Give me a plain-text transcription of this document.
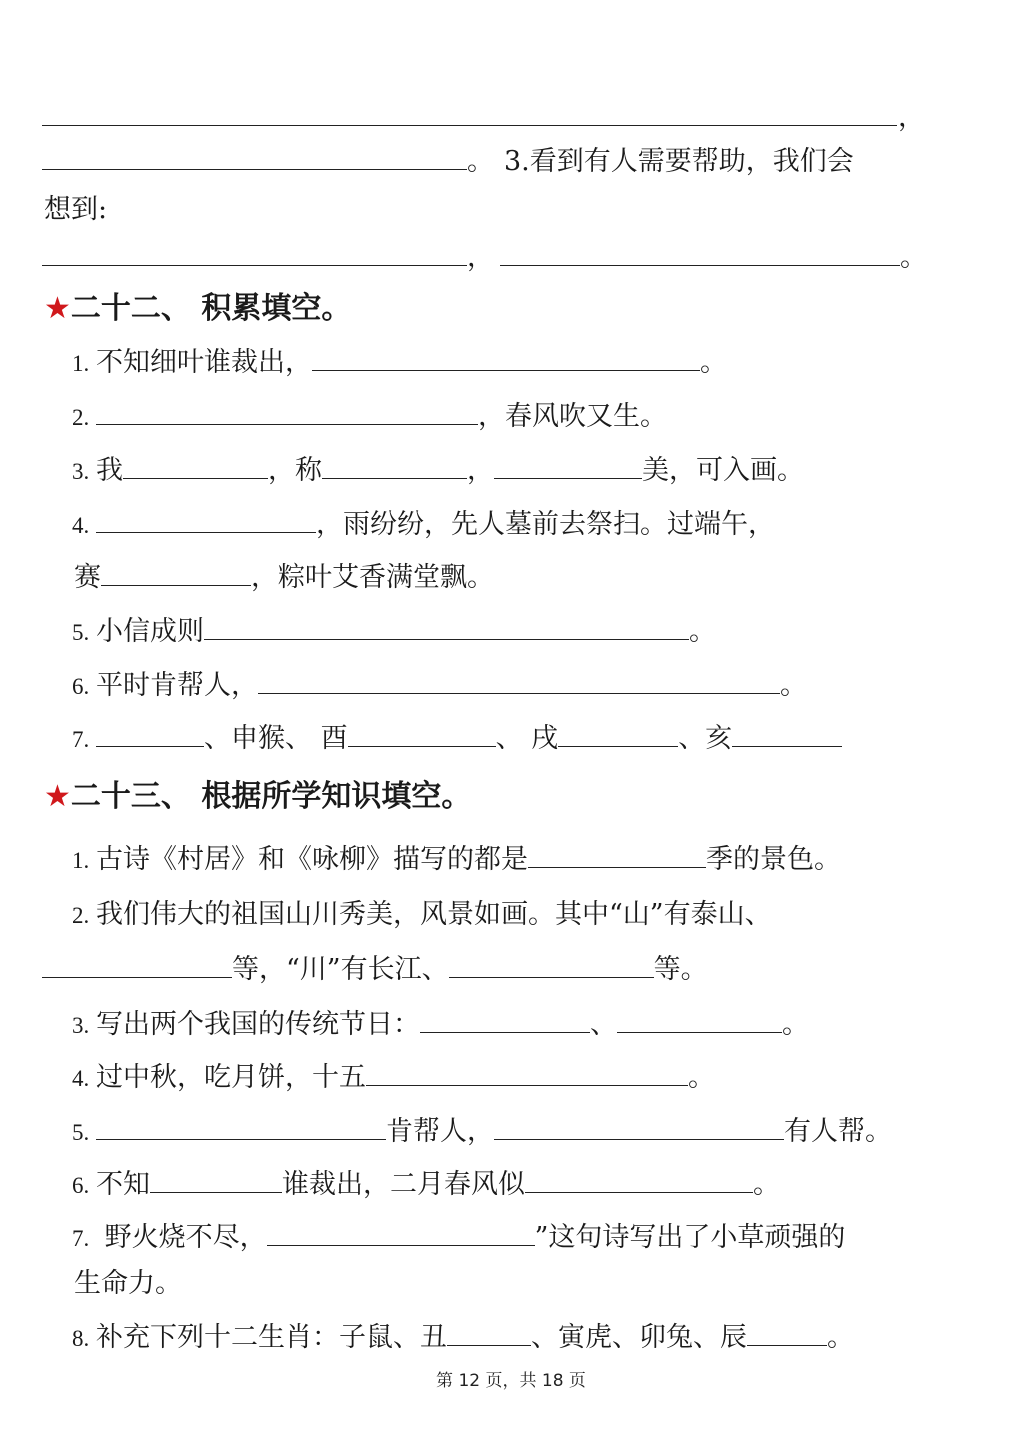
，
。 3.看到有人需要帮助，我们会
想到:
，	。
★二十二、 积累填空。
1. 不知细叶谁裁出，	。
2.	，春风吹又生。
3. 我	，称	，	美，可入画。
4.	，雨纷纷，先人墓前去祭扫。过端午，
赛	，粽叶艾香满堂飘。
5. 小信成则	。
6. 平时肯帮人，	。
7.	、申猴、 酉	、 戌	、亥
★二十三、 根据所学知识填空。
1. 古诗《村居》和《咏柳》描写的都是	季的景色。
2. 我们伟大的祖国山川秀美，风景如画。其中“山”有泰山、
等，“川”有长江、	等。
3. 写出两个我国的传统节日：	、	。
4. 过中秋，吃月饼，十五	。
5.	肯帮人，	有人帮。
6. 不知	谁裁出，二月春风似	。
7. 野火烧不尽，	”这句诗写出了小草顽强的
生命力。
8. 补充下列十二生肖：子鼠、丑	、寅虎、卯兔、辰	。
第 12 页，共 18 页
